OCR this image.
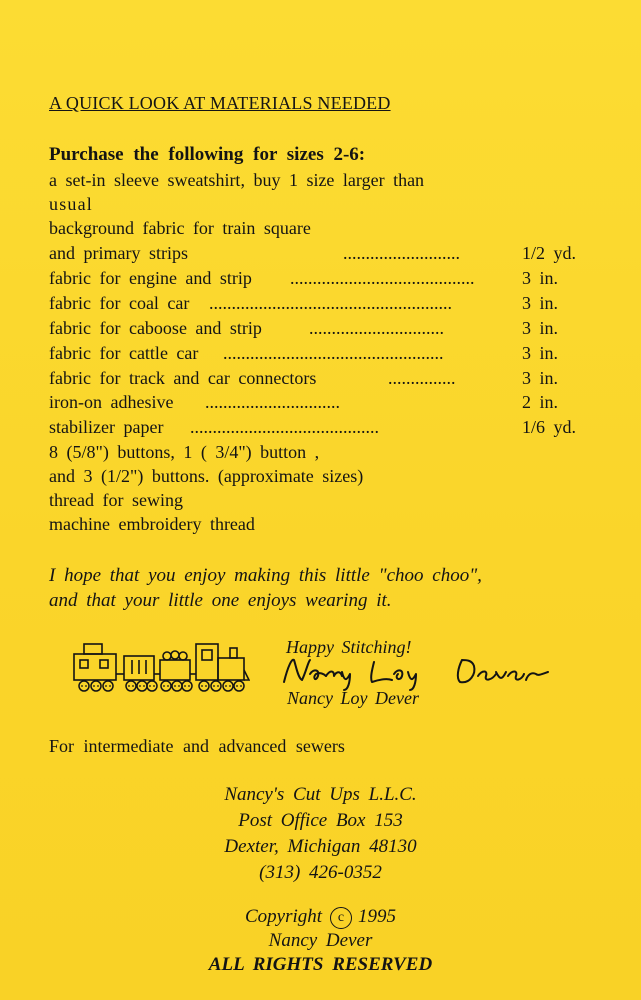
A QUICK LOOK AT MATERIALS NEEDED
Purchase the following for sizes 2-6:
a set-in sleeve sweatshirt, buy 1 size larger than
usual
background fabric for train square
and primary strips	..........................	1/2 yd.
fabric for engine and strip .........................................	3 in.
fabric for coal car ......................................................	3 in.
fabric for caboose and strip	..............................	3 in.
fabric for cattle car .................................................	3 in.
fabric for track and car connectors	...............	3 in.
iron-on adhesive ..............................	2 in.
stabilizer paper ..........................................	1/6 yd.
8 (5/8") buttons, 1 ( 3/4") button ,
and 3 (1/2") buttons. (approximate sizes)
thread for sewing
machine embroidery thread

I hope that you enjoy making this little "choo choo",

and that your little one enjoys wearing it.

Happy Stitching!
Nancy Loy Dever
For intermediate and advanced sewers
Nancy's Cut Ups L.L.C.
Post Office Box 153
Dexter, Michigan 48130
(313) 426-0352
Copyright c 1995
Nancy Dever
ALL RIGHTS RESERVED
